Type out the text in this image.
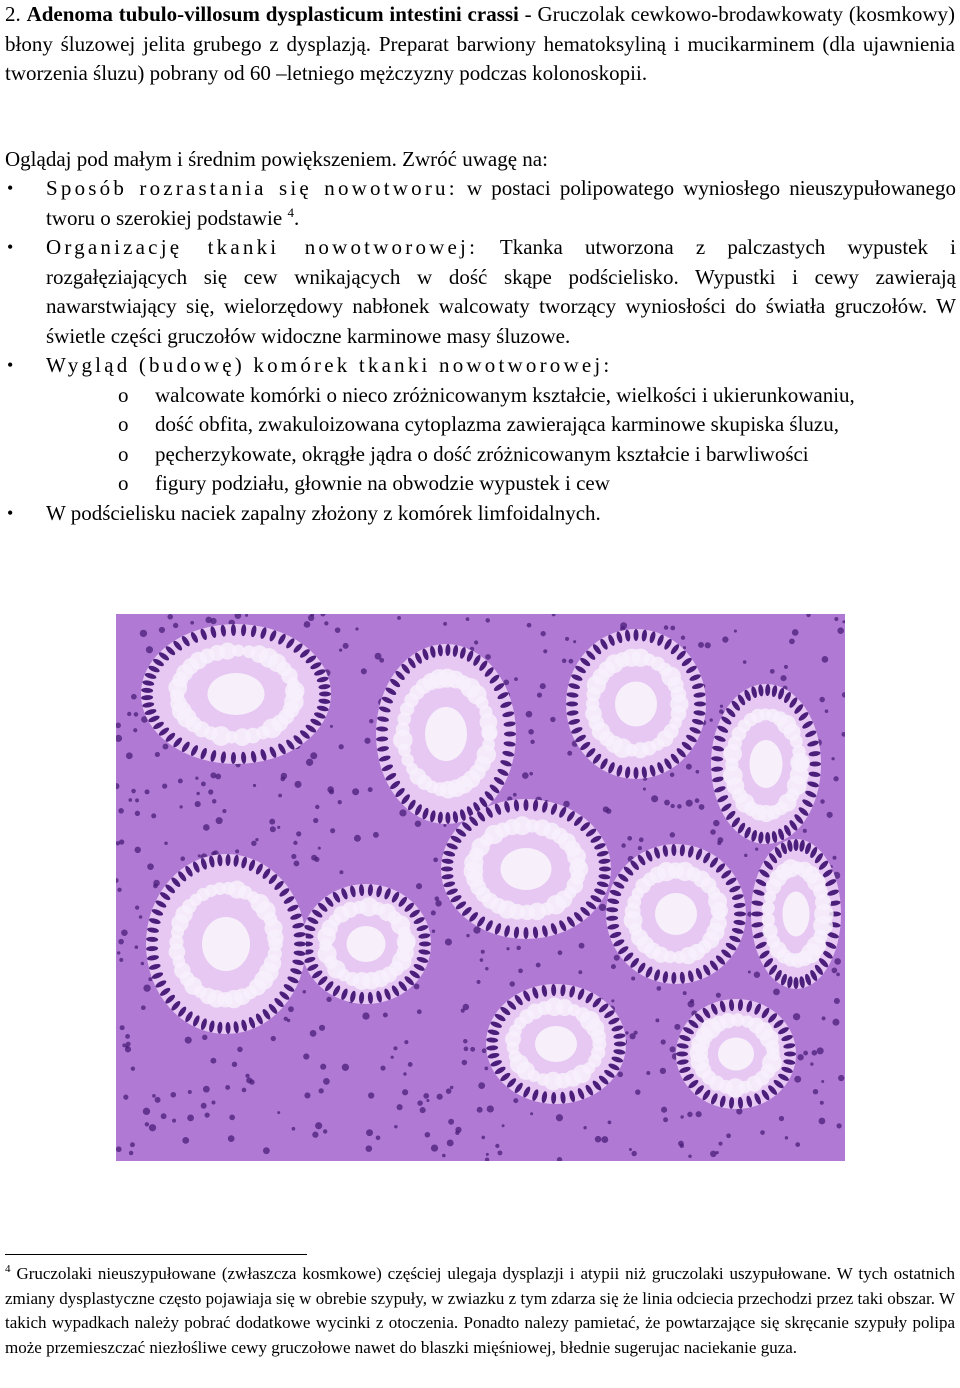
2. Adenoma tubulo-villosum dysplasticum intestini crassi - Gruczolak cewkowo-brodawkowaty (kosmkowy) błony śluzowej jelita grubego z dysplazją. Preparat barwiony hematoksyliną i mucikarminem (dla ujawnienia tworzenia śluzu) pobrany od 60 –letniego mężczyzny podczas kolonoskopii.
Oglądaj pod małym i średnim powiększeniem. Zwróć uwagę na:
• Sposób rozrastania się nowotworu: w postaci polipowatego wyniosłego nieuszypułowanego tworu o szerokiej podstawie $^4$.
• Organizację tkanki nowotworowej: Tkanka utworzona z palczastych wypustek i rozgałęziających się cew wnikających w dość skąpe podścielisko. Wypustki i cewy zawierają nawarstwiający się, wielorzędowy nabłonek walcowaty tworzący wyniosłości do światła gruczołów. W świetle części gruczołów widoczne karminowe masy śluzowe.
• Wygląd (budowę) komórek tkanki nowotworowej:
o walcowate komórki o nieco zróżnicowanym kształcie, wielkości i ukierunkowaniu,
o dość obfita, zwakuloizowana cytoplazma zawierająca karminowe skupiska śluzu,
o pęcherzykowate, okrągłe jądra o dość zróżnicowanym kształcie i barwliwości
o figury podziału, głownie na obwodzie wypustek i cew
• W podścielisku naciek zapalny złożony z komórek limfoidalnych.
$^4$ Gruczolaki nieuszypułowane (zwłaszcza kosmkowe) częściej ulegaja dysplazji i atypii niż gruczolaki uszypułowane. W tych ostatnich zmiany dysplastyczne często pojawiaja się w obrebie szypuły, w zwiazku z tym zdarza się że linia odciecia przechodzi przez taki obszar. W takich wypadkach należy pobrać dodatkowe wycinki z otoczenia. Ponadto nalezy pamietać, że powtarzające się skręcanie szypuły polipa może przemieszczać niezłośliwe cewy gruczołowe nawet do blaszki mięśniowej, błednie sugerujac naciekanie guza.
